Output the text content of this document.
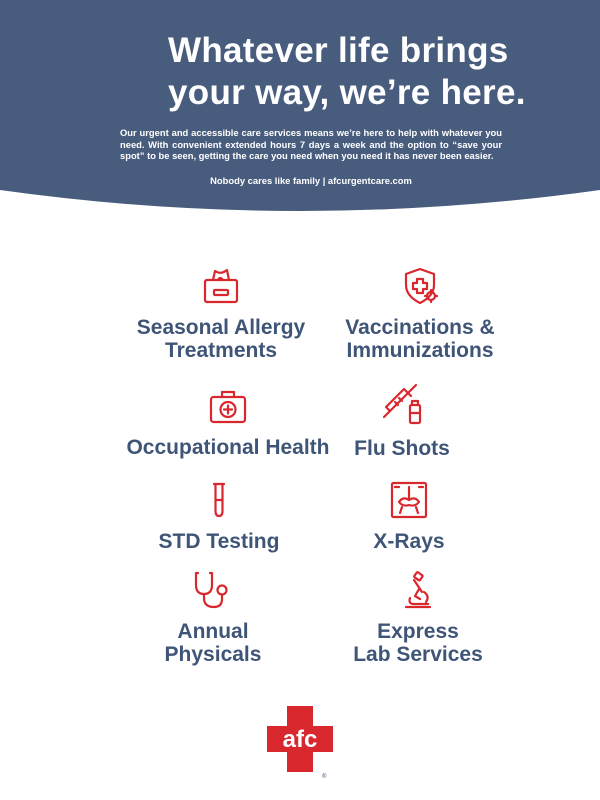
Whatever life brings
your way, we’re here.
Our urgent and accessible care services means we’re here to help with whatever you need. With convenient extended hours 7 days a week and the option to “save your spot” to be seen, getting the care you need when you need it has never been easier.
Nobody cares like family | afcurgentcare.com
Seasonal Allergy
Treatments
Vaccinations &
Immunizations
Occupational Health	Flu Shots
STD Testing	X-Rays
Annual
Physicals
Express
Lab Services
afc
®
